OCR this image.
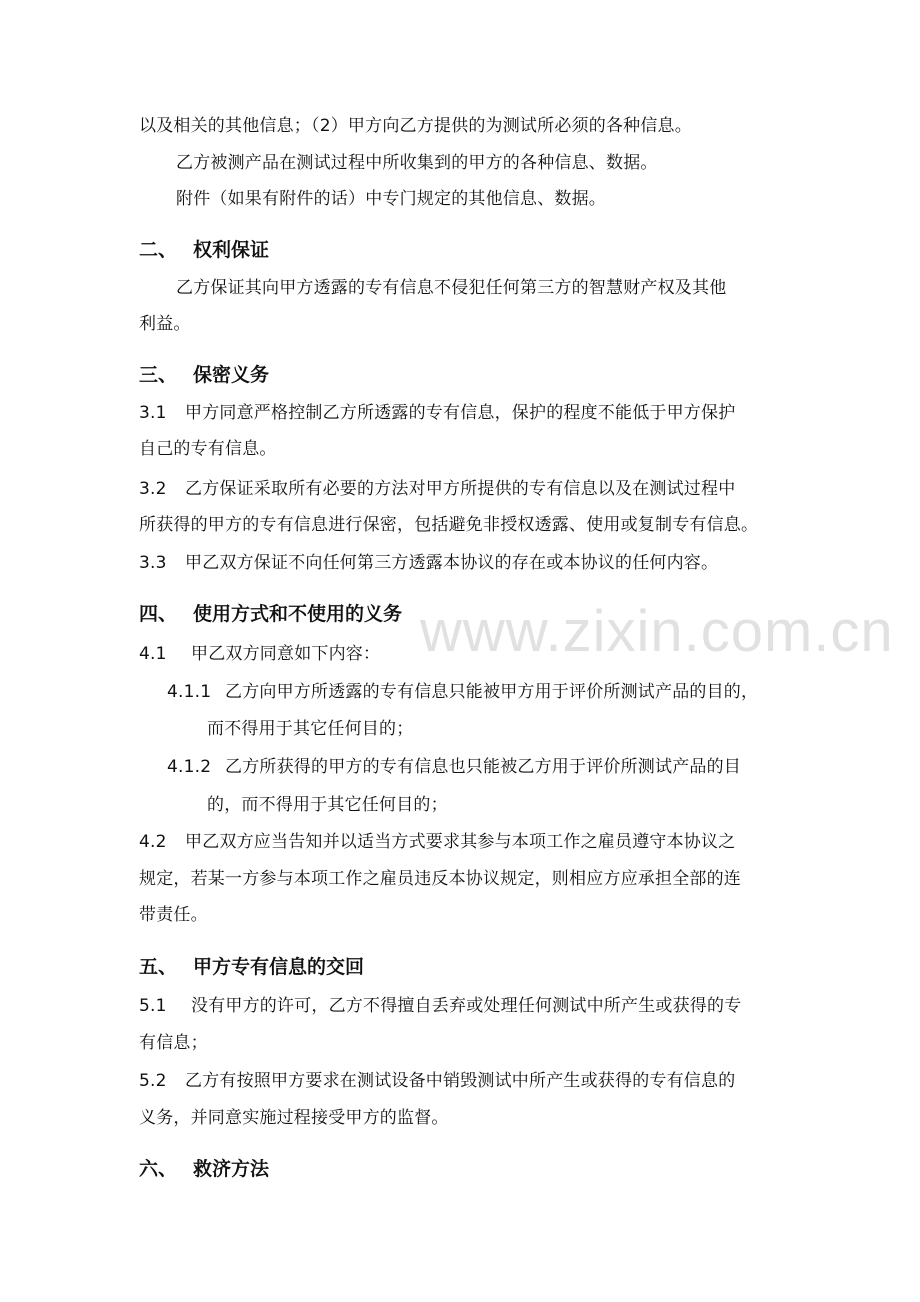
www.zixin.com.cn
以及相关的其他信息；（2）甲方向乙方提供的为测试所必须的各种信息。
乙方被测产品在测试过程中所收集到的甲方的各种信息、数据。
附件（如果有附件的话）中专门规定的其他信息、数据。
二、 权利保证
乙方保证其向甲方透露的专有信息不侵犯任何第三方的智慧财产权及其他
利益。
三、 保密义务
3.1 甲方同意严格控制乙方所透露的专有信息，保护的程度不能低于甲方保护
自己的专有信息。
3.2 乙方保证采取所有必要的方法对甲方所提供的专有信息以及在测试过程中
所获得的甲方的专有信息进行保密，包括避免非授权透露、使用或复制专有信息。
3.3 甲乙双方保证不向任何第三方透露本协议的存在或本协议的任何内容。
四、 使用方式和不使用的义务
4.1 甲乙双方同意如下内容：
4.1.1 乙方向甲方所透露的专有信息只能被甲方用于评价所测试产品的目的，
而不得用于其它任何目的；
4.1.2 乙方所获得的甲方的专有信息也只能被乙方用于评价所测试产品的目
的，而不得用于其它任何目的；
4.2 甲乙双方应当告知并以适当方式要求其参与本项工作之雇员遵守本协议之
规定，若某一方参与本项工作之雇员违反本协议规定，则相应方应承担全部的连
带责任。
五、 甲方专有信息的交回
5.1 没有甲方的许可，乙方不得擅自丢弃或处理任何测试中所产生或获得的专
有信息；
5.2 乙方有按照甲方要求在测试设备中销毁测试中所产生或获得的专有信息的
义务，并同意实施过程接受甲方的监督。
六、 救济方法
